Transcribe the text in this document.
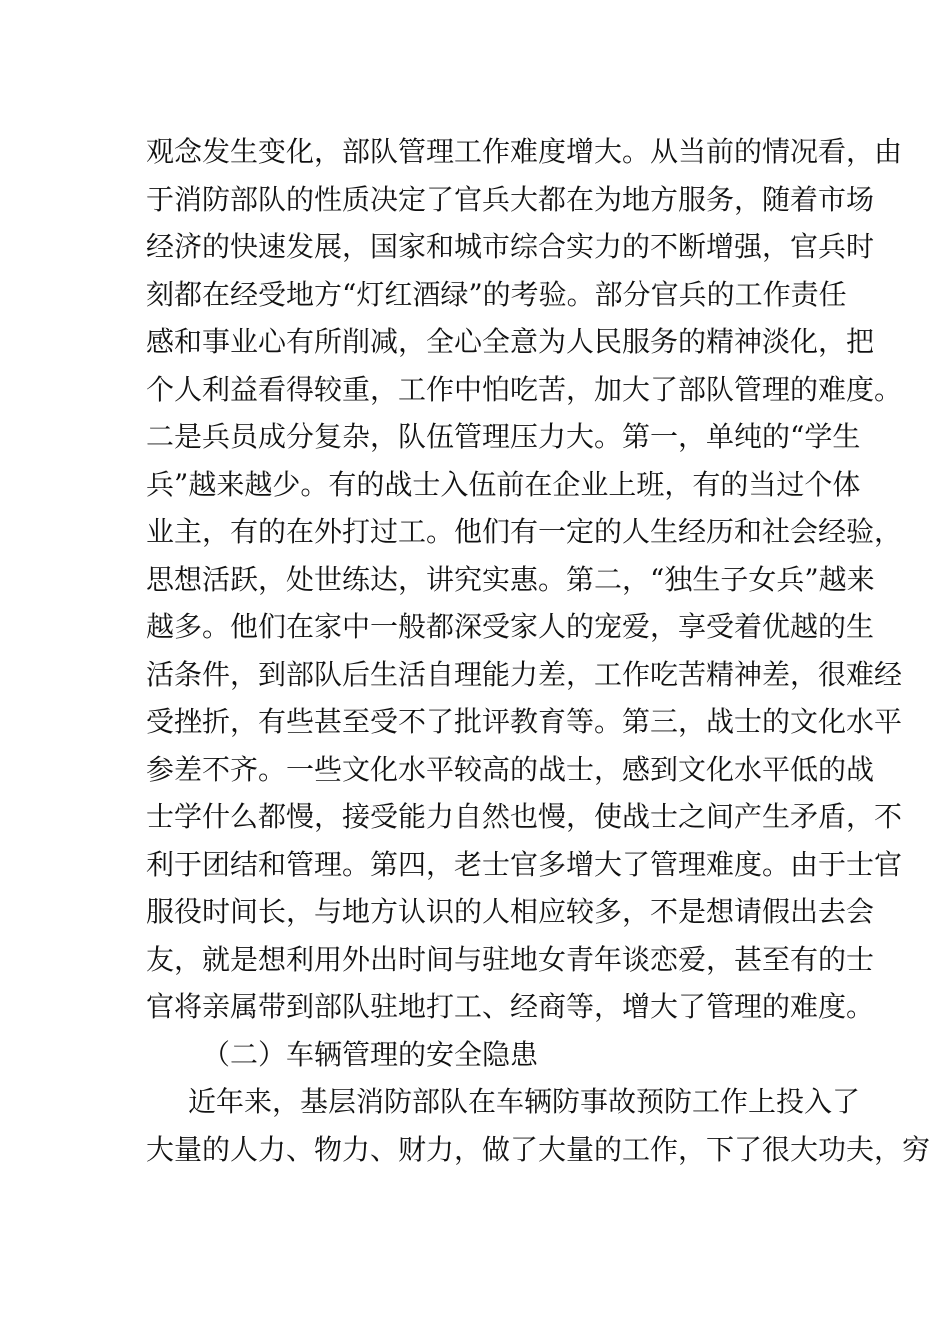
观念发生变化，部队管理工作难度增大。从当前的情况看，由
于消防部队的性质决定了官兵大都在为地方服务，随着市场
经济的快速发展，国家和城市综合实力的不断增强，官兵时
刻都在经受地方“灯红酒绿”的考验。部分官兵的工作责任
感和事业心有所削减，全心全意为人民服务的精神淡化，把
个人利益看得较重，工作中怕吃苦，加大了部队管理的难度。
二是兵员成分复杂，队伍管理压力大。第一，单纯的“学生
兵”越来越少。有的战士入伍前在企业上班，有的当过个体
业主，有的在外打过工。他们有一定的人生经历和社会经验，
思想活跃，处世练达，讲究实惠。第二，“独生子女兵”越来
越多。他们在家中一般都深受家人的宠爱，享受着优越的生
活条件，到部队后生活自理能力差，工作吃苦精神差，很难经
受挫折，有些甚至受不了批评教育等。第三，战士的文化水平
参差不齐。一些文化水平较高的战士，感到文化水平低的战
士学什么都慢，接受能力自然也慢，使战士之间产生矛盾，不
利于团结和管理。第四，老士官多增大了管理难度。由于士官
服役时间长，与地方认识的人相应较多，不是想请假出去会
友，就是想利用外出时间与驻地女青年谈恋爱，甚至有的士
官将亲属带到部队驻地打工、经商等，增大了管理的难度。
（二）车辆管理的安全隐患
近年来，基层消防部队在车辆防事故预防工作上投入了
大量的人力、物力、财力，做了大量的工作，下了很大功夫，穷
